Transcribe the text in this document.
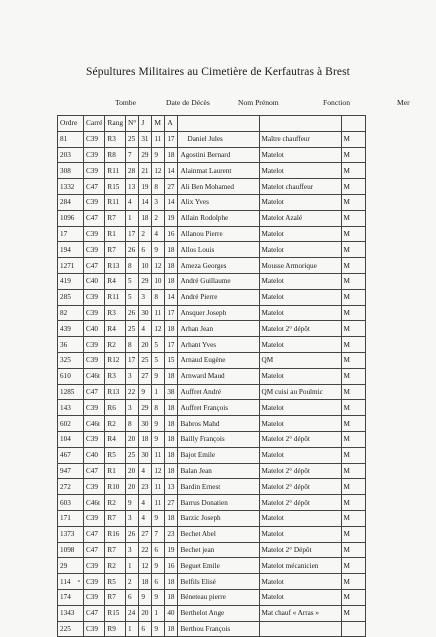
Sépultures Militaires au Cimetière de Kerfautras à Brest
Tombe	Date de Décès	Nom Prénom	Fonction	Mer
Ordre	Carré	Rang	N°	J	M	A			
81	C39	R3	25	31	11	17	Daniel Jules	Maître chauffeur	M
203	C39	R8	7	29	9	18	Agostini Bernard	Matelot	M
308	C39	R11	28	21	12	14	Alainmat Laurent	Matelot	M
1332	C47	R15	13	19	8	27	Ali Ben Mohamed	Matelot chauffeur	M
284	C39	R11	4	14	3	14	Alix Yves	Matelot	M
1096	C47	R7	1	18	2	19	Allain Rodolphe	Matelot Azalé	M
17	C39	R1	17	2	4	16	Allanou Pierre	Matelot	M
194	C39	R7	26	6	9	18	Allos Louis	Matelot	M
1271	C47	R13	8	10	12	18	Ameza Georges	Mousse Armorique	M
419	C40	R4	5	29	10	18	André Guillaume	Matelot	M
285	C39	R11	5	3	8	14	André Pierre	Matelot	M
82	C39	R3	26	30	11	17	Ansquer Joseph	Matelot	M
439	C40	R4	25	4	12	18	Arhan Jean	Matelot 2° dépôt	M
36	C39	R2	8	20	5	17	Arhant Yves	Matelot	M
325	C39	R12	17	25	5	15	Arnaud Eugène	QM	M
610	C46t	R3	3	27	9	18	Arnward Maud	Matelot	M
1285	C47	R13	22	9	1	38	Auffret André	QM cuisi au Poulmic	M
143	C39	R6	3	29	8	18	Auffret François	Matelot	M
602	C46t	R2	8	30	9	18	Babros Mahd	Matelot	M
104	C39	R4	20	18	9	18	Bailly François	Matelot 2° dépôt	M
467	C40	R5	25	30	11	18	Bajot Emile	Matelot	M
947	C47	R1	20	4	12	18	Balan Jean	Matelot 2° dépôt	M
272	C39	R10	20	23	11	13	Bardin Ernest	Matelot 2° dépôt	M
603	C46t	R2	9	4	11	27	Barrus Donatien	Matelot 2° dépôt	M
171	C39	R7	3	4	9	18	Barzic Joseph	Matelot	M
1373	C47	R16	26	27	7	23	Bechet Abel	Matelot	M
1098	C47	R7	3	22	6	19	Bechet jean	Matelot 2° Dépôt	M
29	C39	R2	1	12	9	16	Beguet Emile	Matelot mécanicien	M
114	C39	R5	2	18	6	18	Belfils Elisé	Matelot	M
174	C39	R7	6	9	9	18	Béneteau pierre	Matelot	M
1343	C47	R15	24	20	1	40	Berthelot Ange	Mat chauf « Arras »	M
225	C39	R9	1	6	9	18	Berthou François		
